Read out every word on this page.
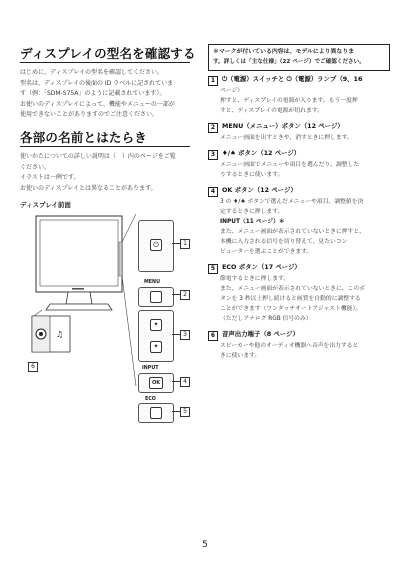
ディスプレイの型名を確認する
はじめに、ディスプレイの型名を確認してください。
型名は、ディスプレイの後面の ID ラベルに記されていま
す（例：「SDM-S75A」のように記載されています）。
お使いのディスプレイによって、機能やメニューの一部が
使用できないことがありますのでご注意ください。
各部の名前とはたらき
使いかたについての詳しい説明は（　）内のページをご覧
ください。
イラストは一例です。
お使いのディスプレイとは異なることがあります。
ディスプレイ前面
♫
6
⏻	1
MENU
2
✦
✦
3
INPUT
OK	4
ECO
5
＊マークが付いている内容は、モデルにより異なりま
す。詳しくは「主な仕様」（22 ページ）でご確認ください。
1 ⏻（電源）スイッチと ⏻（電源）ランプ（9、16
ページ）
押すと、ディスプレイの電源が入ります。もう一度押
すと、ディスプレイの電源が切れます。
2 MENU（メニュー）ボタン（12 ページ）
メニュー画面を出すときや、消すときに押します。
3 ♦/♠ ボタン（12 ページ）
メニュー画面でメニューや項目を選んだり、調整した
りするときに使います。
4 OK ボタン（12 ページ）
3 の ♦/♠ ボタンで選んだメニューや項目、調整値を決
定するときに押します。
INPUT（11 ページ）＊
また、メニュー画面が表示されていないときに押すと、
本機に入力される信号を切り替えて、見たいコン
ピューターを選ぶことができます。
5 ECO ボタン（17 ページ）
節電するときに押します。
また、メニュー画面が表示されていないときに、このボ
タンを 3 秒以上押し続けると画質を自動的に調整する
ことができます（ワンタッチオートアジャスト機能）。
（ただしアナログ RGB 信号のみ）
6 音声出力端子（8 ページ）
スピーカーや他のオーディオ機器へ音声を出力すると
きに使います。
5
